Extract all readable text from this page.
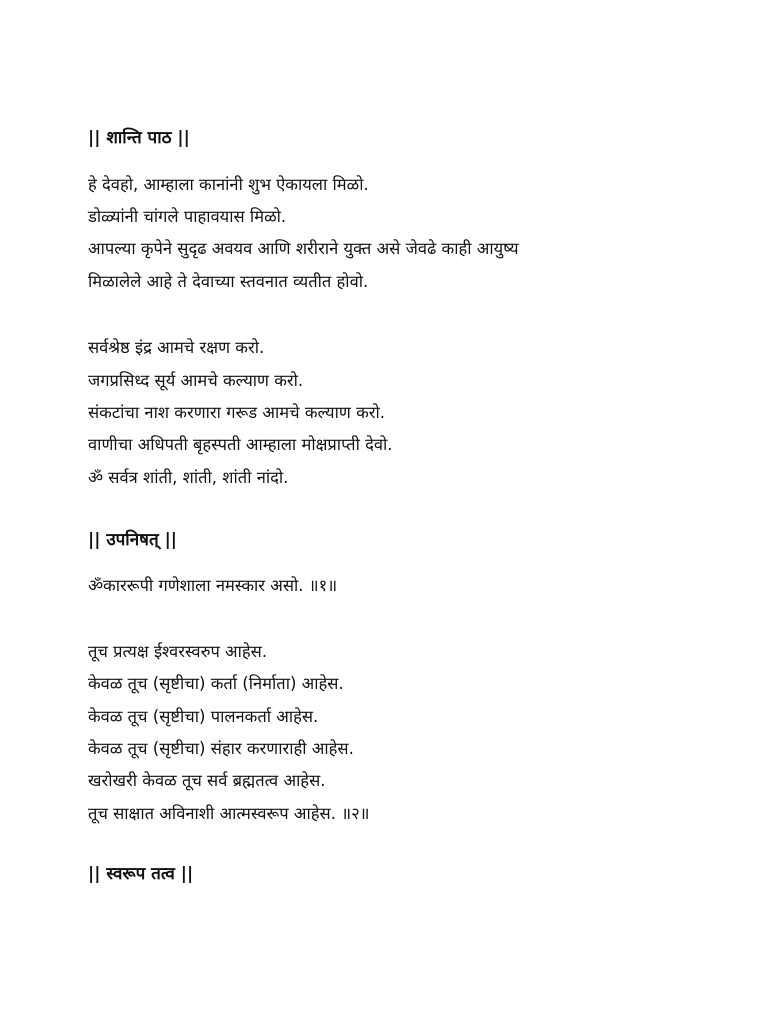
|| शान्ति पाठ ||
हे देवहो, आम्हाला कानांनी शुभ ऐकायला मिळो.
डोळ्यांनी चांगले पाहावयास मिळो.
आपल्या कृपेने सुदृढ अवयव आणि शरीराने युक्त असे जेवढे काही आयुष्य
मिळालेले आहे ते देवाच्या स्तवनात व्यतीत होवो.
सर्वश्रेष्ठ इंद्र आमचे रक्षण करो.
जगप्रसिध्द सूर्य आमचे कल्याण करो.
संकटांचा नाश करणारा गरूड आमचे कल्याण करो.
वाणीचा अधिपती बृहस्पती आम्हाला मोक्षप्राप्ती देवो.
ॐ सर्वत्र शांती, शांती, शांती नांदो.
|| उपनिषत् ||
ॐकाररूपी गणेशाला नमस्कार असो. ॥१॥
तूच प्रत्यक्ष ईश्वरस्वरुप आहेस.
केवळ तूच (सृष्टीचा) कर्ता (निर्माता) आहेस.
केवळ तूच (सृष्टीचा) पालनकर्ता आहेस.
केवळ तूच (सृष्टीचा) संहार करणाराही आहेस.
खरोखरी केवळ तूच सर्व ब्रह्मतत्व आहेस.
तूच साक्षात अविनाशी आत्मस्वरूप आहेस. ॥२॥
|| स्वरूप तत्व ||
